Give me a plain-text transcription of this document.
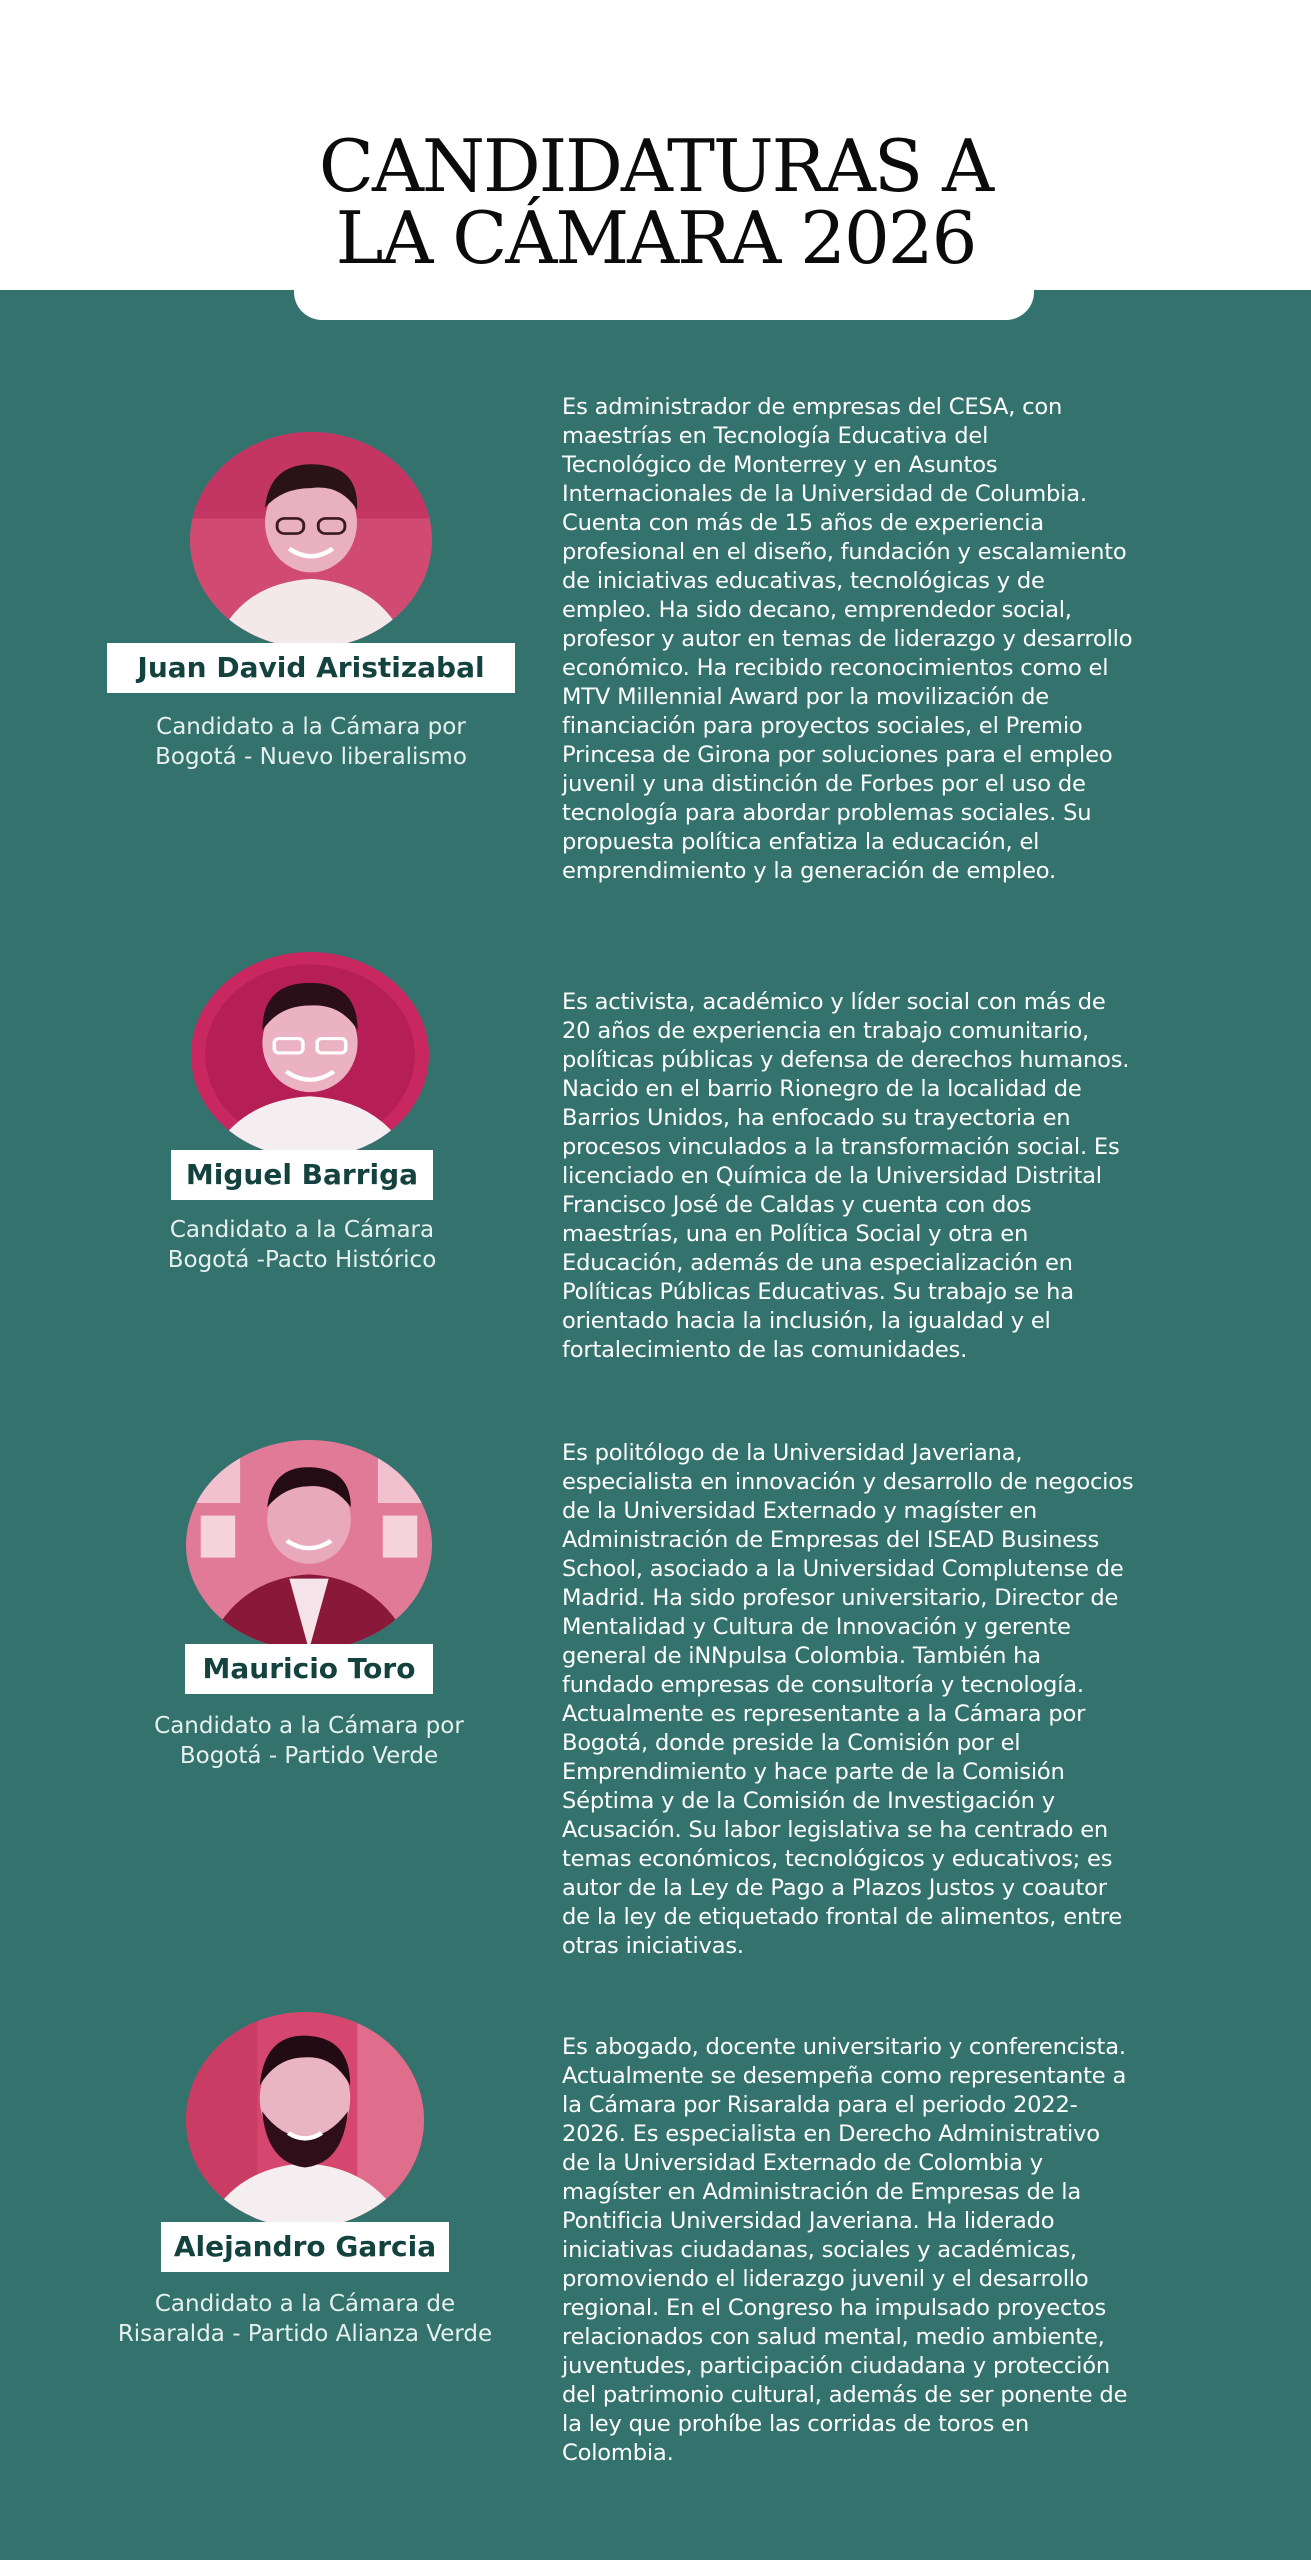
CANDIDATURAS A
LA CÁMARA 2026
Juan David Aristizabal
Candidato a la Cámara por
Bogotá - Nuevo liberalismo
Es administrador de empresas del CESA, con
maestrías en Tecnología Educativa del
Tecnológico de Monterrey y en Asuntos
Internacionales de la Universidad de Columbia.
Cuenta con más de 15 años de experiencia
profesional en el diseño, fundación y escalamiento
de iniciativas educativas, tecnológicas y de
empleo. Ha sido decano, emprendedor social,
profesor y autor en temas de liderazgo y desarrollo
económico. Ha recibido reconocimientos como el
MTV Millennial Award por la movilización de
financiación para proyectos sociales, el Premio
Princesa de Girona por soluciones para el empleo
juvenil y una distinción de Forbes por el uso de
tecnología para abordar problemas sociales. Su
propuesta política enfatiza la educación, el
emprendimiento y la generación de empleo.
Miguel Barriga
Candidato a la Cámara
Bogotá -Pacto Histórico
Es activista, académico y líder social con más de
20 años de experiencia en trabajo comunitario,
políticas públicas y defensa de derechos humanos.
Nacido en el barrio Rionegro de la localidad de
Barrios Unidos, ha enfocado su trayectoria en
procesos vinculados a la transformación social. Es
licenciado en Química de la Universidad Distrital
Francisco José de Caldas y cuenta con dos
maestrías, una en Política Social y otra en
Educación, además de una especialización en
Políticas Públicas Educativas. Su trabajo se ha
orientado hacia la inclusión, la igualdad y el
fortalecimiento de las comunidades.
Mauricio Toro
Candidato a la Cámara por
Bogotá - Partido Verde
Es politólogo de la Universidad Javeriana,
especialista en innovación y desarrollo de negocios
de la Universidad Externado y magíster en
Administración de Empresas del ISEAD Business
School, asociado a la Universidad Complutense de
Madrid. Ha sido profesor universitario, Director de
Mentalidad y Cultura de Innovación y gerente
general de iNNpulsa Colombia. También ha
fundado empresas de consultoría y tecnología.
Actualmente es representante a la Cámara por
Bogotá, donde preside la Comisión por el
Emprendimiento y hace parte de la Comisión
Séptima y de la Comisión de Investigación y
Acusación. Su labor legislativa se ha centrado en
temas económicos, tecnológicos y educativos; es
autor de la Ley de Pago a Plazos Justos y coautor
de la ley de etiquetado frontal de alimentos, entre
otras iniciativas.
Alejandro Garcia
Candidato a la Cámara de
Risaralda - Partido Alianza Verde
Es abogado, docente universitario y conferencista.
Actualmente se desempeña como representante a
la Cámara por Risaralda para el periodo 2022-
2026. Es especialista en Derecho Administrativo
de la Universidad Externado de Colombia y
magíster en Administración de Empresas de la
Pontificia Universidad Javeriana. Ha liderado
iniciativas ciudadanas, sociales y académicas,
promoviendo el liderazgo juvenil y el desarrollo
regional. En el Congreso ha impulsado proyectos
relacionados con salud mental, medio ambiente,
juventudes, participación ciudadana y protección
del patrimonio cultural, además de ser ponente de
la ley que prohíbe las corridas de toros en
Colombia.
